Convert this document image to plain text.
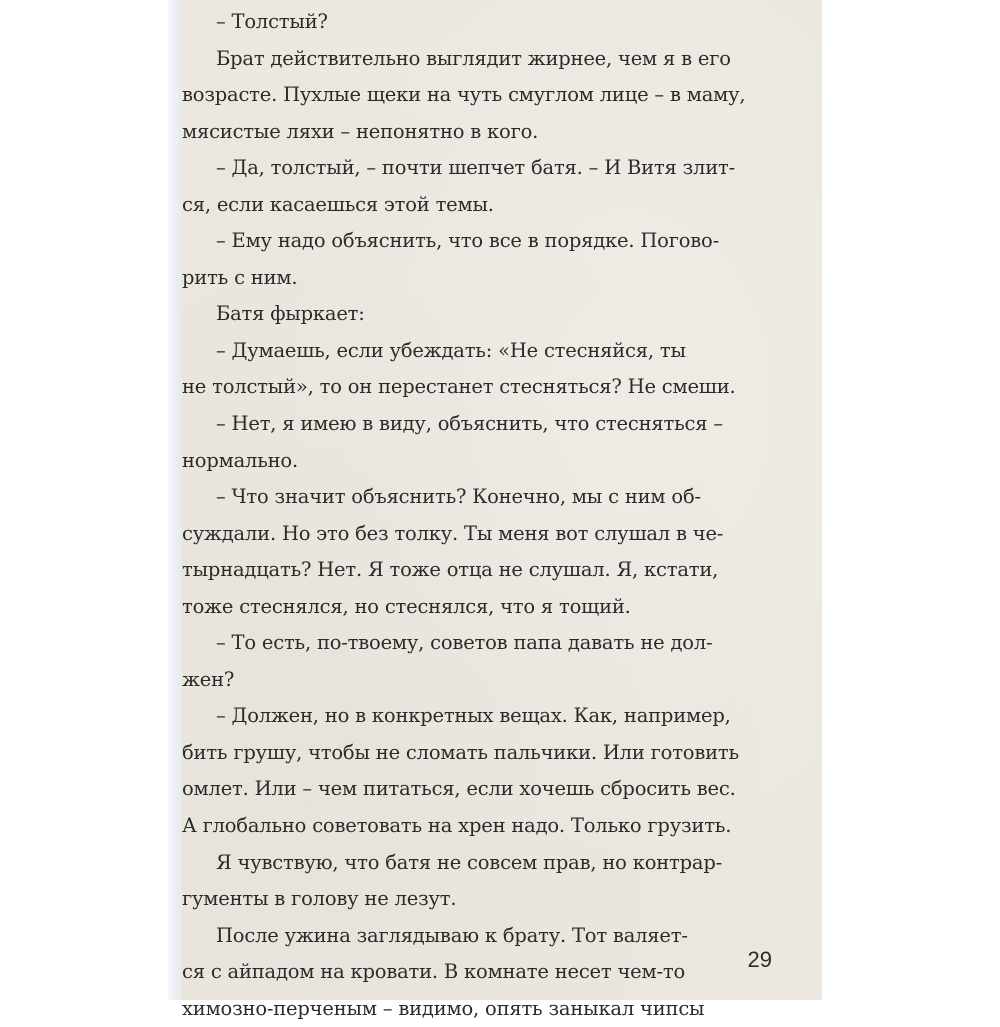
– Толстый?
Брат действительно выглядит жирнее, чем я в его
возрасте. Пухлые щеки на чуть смуглом лице – в маму,
мясистые ляхи – непонятно в кого.
– Да, толстый, – почти шепчет батя. – И Витя злит-
ся, если касаешься этой темы.
– Ему надо объяснить, что все в порядке. Погово-
рить с ним.
Батя фыркает:
– Думаешь, если убеждать: «Не стесняйся, ты
не толстый», то он перестанет стесняться? Не смеши.
– Нет, я имею в виду, объяснить, что стесняться –
нормально.
– Что значит объяснить? Конечно, мы с ним об-
суждали. Но это без толку. Ты меня вот слушал в че-
тырнадцать? Нет. Я тоже отца не слушал. Я, кстати,
тоже стеснялся, но стеснялся, что я тощий.
– То есть, по-твоему, советов папа давать не дол-
жен?
– Должен, но в конкретных вещах. Как, например,
бить грушу, чтобы не сломать пальчики. Или готовить
омлет. Или – чем питаться, если хочешь сбросить вес.
А глобально советовать на хрен надо. Только грузить.
Я чувствую, что батя не совсем прав, но контрар-
гументы в голову не лезут.
После ужина заглядываю к брату. Тот валяет-
ся с айпадом на кровати. В комнате несет чем-то
химозно-перченым – видимо, опять заныкал чипсы
29
